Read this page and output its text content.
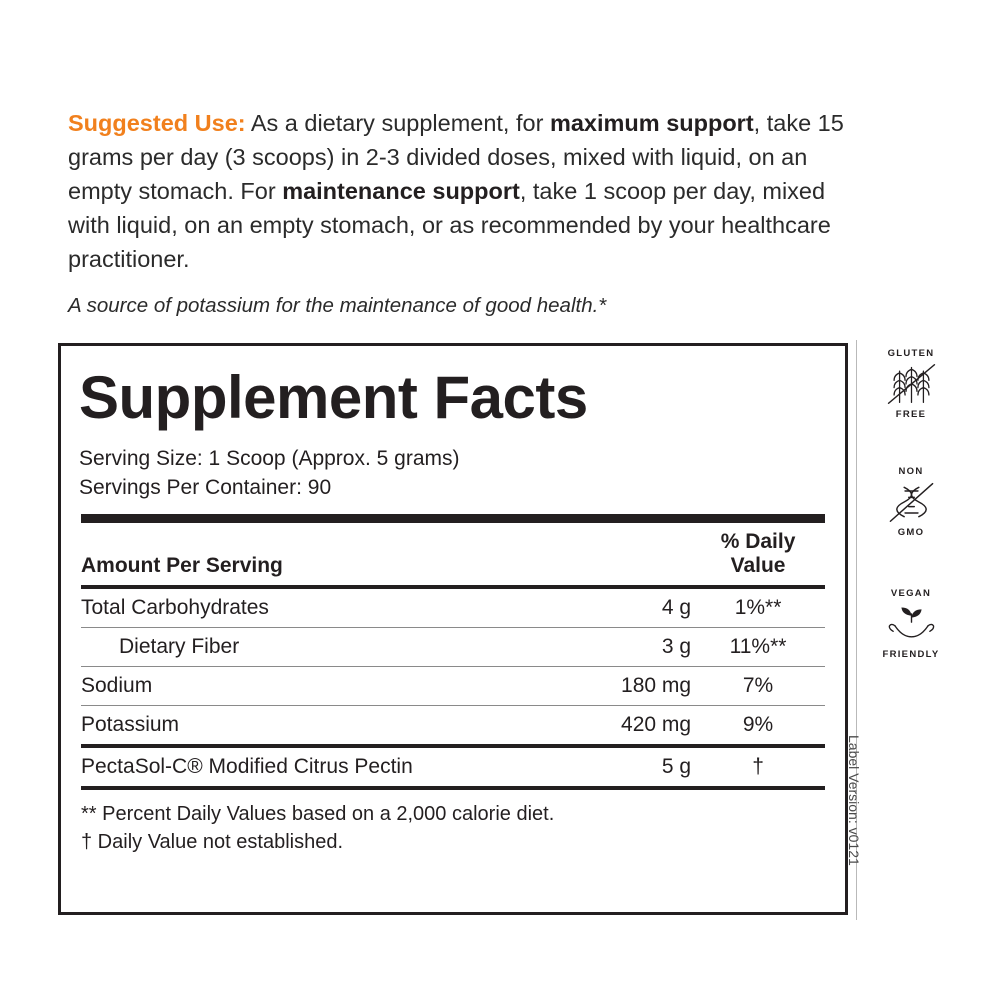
Suggested Use: As a dietary supplement, for maximum support, take 15 grams per day (3 scoops) in 2-3 divided doses, mixed with liquid, on an empty stomach. For maintenance support, take 1 scoop per day, mixed with liquid, on an empty stomach, or as recommended by your healthcare practitioner.
A source of potassium for the maintenance of good health.*
Supplement Facts
Serving Size: 1 Scoop (Approx. 5 grams)
Servings Per Container: 90
Amount Per Serving		% Daily Value
Total Carbohydrates	4 g	1%**
Dietary Fiber	3 g	11%**
Sodium	180 mg	7%
Potassium	420 mg	9%
PectaSol-C® Modified Citrus Pectin	5 g	†
** Percent Daily Values based on a 2,000 calorie diet.
† Daily Value not established.
GLUTEN
FREE
NON
GMO
VEGAN
FRIENDLY
Label Version: v0121
